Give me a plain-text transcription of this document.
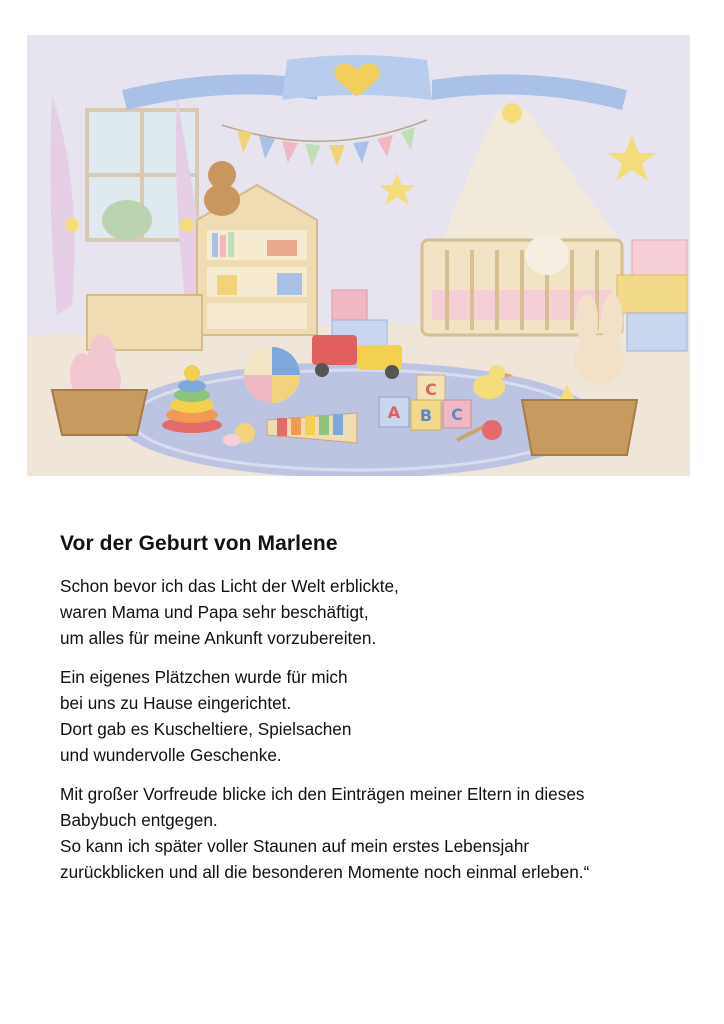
C
A B C
Vor der Geburt von Marlene
Schon bevor ich das Licht der Welt erblickte,
waren Mama und Papa sehr beschäftigt,
um alles für meine Ankunft vorzubereiten.
Ein eigenes Plätzchen wurde für mich
bei uns zu Hause eingerichtet.
Dort gab es Kuscheltiere, Spielsachen
und wundervolle Geschenke.
Mit großer Vorfreude blicke ich den Einträgen meiner Eltern in dieses
Babybuch entgegen.
So kann ich später voller Staunen auf mein erstes Lebensjahr
zurückblicken und all die besonderen Momente noch einmal erleben.“
